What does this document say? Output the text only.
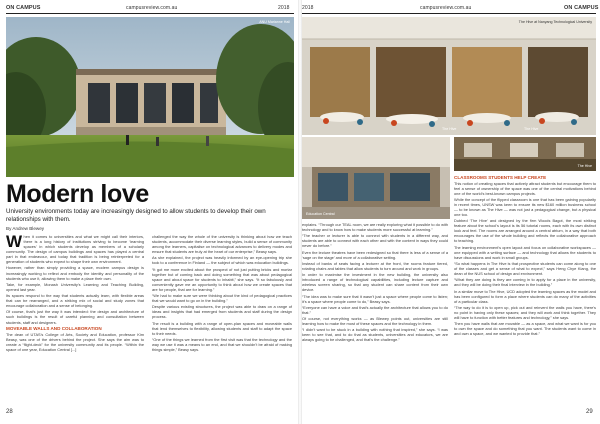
ON CAMPUS	campusreview.com.au	2018
ANU Marianne Hall
Modern love
University environments today are increasingly designed to allow students to develop their own relationships with them.
By Andrew Blewey

When it comes to universities and what we might call their interiors, there is a long history of institutions striving to become ‘learning spaces’ in which students develop as members of a scholarly community. The design of campus buildings and spaces has played a central part in that endeavour, and today that tradition is being reinterpreted for a generation of students who expect to shape their own environment.

However, rather than simply providing a space, modern campus design is increasingly working to reflect and embody the identity and personality of the students who use it, allowing them to make a place their own.

Take, for example, Monash University’s Learning and Teaching Building, opened last year.

Its spaces respond to the way that students actually learn, with flexible areas that can be rearranged, and a striking mix of social and study zones that encourage collaboration and a sense of belonging.

Of course, that’s just the way it was intended: the design and architecture of such buildings is the result of careful planning and consultation between students, staff and designers.

MOVEABLE WALLS AND COLLABORATION

The dean of UTAS’s College of Arts, Society and Education, professor Kim Beasy, was one of the drivers behind the project. She says the aim was to create a “flight-deck” for the university community and its people. “Within the space of one year, Education Central [...]

challenged the way the whole of the university is thinking about how we teach students, accommodate their diverse learning styles, build a sense of community among the learners, capitalise on technological advances to delivery modes and ensure that students are truly at the heart of our enterprise,” Beasy says.

As she explained, the project was heavily informed by an eye-opening trip she took to a conference in Finland — the subject of which was education buildings.

“It got me more excited about the prospect of not just putting bricks and mortar together but of coming back and doing something that was about pedagogical space and about space for students to inhabit,” she says. “It so fabulously and conveniently gave me an opportunity to think about how we create spaces that are for people, that are for learning.”

“We had to make sure we were thinking about the kind of pedagogical practices that we would want to go on in the building.”

Despite various existing structures, the project was able to draw on a range of ideas and insights that had emerged from students and staff during the design process.

The result is a building with a range of open-plan spaces and moveable walls that lend themselves to flexibility, allowing students and staff to adapt the space to their needs.

“One of the things we learned from the first visit was that the technology and the way we use it was a means to an end, and that we shouldn’t be afraid of making things simple,” Beasy says.

28
2018	campusreview.com.au	ON CAMPUS
The Hive at Nanyang Technological University
The Hive	The Hive
Education Central
The Hive

explains. “Through our TEAL room, we are really exploring what it possible to do with technology and to know how to make students more successful at learning.”

“The teacher or lecturer is able to connect with students in a different way, and students are able to connect with each other and with the content in ways they could never do before.”

Even the lecture theatres have been redesigned so that there is less of a sense of a ‘sage on the stage’ and more of a collaborative setting.

Instead of banks of seats facing a lecturer at the front, the rooms feature tiered, rotating chairs and tables that allow students to turn around and work in groups.

In order to maximise the investment in the new building, the university also introduced a range of technological capabilities, including lecture capture and wireless screen sharing, so that any student can share content from their own device.

“The idea was to make sure that it wasn’t just a space where people come to listen; it’s a space where people come to do,” Beasy says.

“Everyone can have a voice and that’s actually the architecture that allows you to do that.”

Of course, not everything works — as Blewey points out, universities are still learning how to make the most of these spaces and the technology in them.

“I didn’t want to be stuck in a building with nothing that inspired,” she says. “I was keen to see that, and to do that as students, universities and educators, we are always going to be challenged, and that’s the challenge.”

CLASSROOMS STUDENTS HELP CREATE

This notion of creating spaces that actively attract students but encourage them to feel a sense of ownership of the space was one of the central motivations behind one of the world’s best-known campus projects.

While the concept of the flipped classroom is one that has been gaining popularity in recent times, UNSW was keen to ensure its new $160 million business school — to be known as The Hive — was not just a pedagogical change, but a physical one too.

Dubbed ‘The Hive’ and designed by the firm Woods Bagot, the most striking feature about the school’s layout is its 56 tutorial rooms, each with its own distinct look and feel. The rooms are arranged around a central atrium, in a way that both encourages the use of the whole building and reflects the collaborative approach to teaching.

The learning environment’s open layout and focus on collaborative workspaces — one equipped with a writing surface — and technology that allows the students to have discussions and work in small groups.

“So what happens in The Hive is that prospective students can come along to one of the classes and get a sense of what to expect,” says Heng Chye Kiang, the dean of the NUS school of design and environment.

“What they are doing is they are coming in to apply for a place in the university, and they will be doing their final interview in the building.”

In a similar move to The Hive, UCD adopted the learning spaces as the model and has been configured to form a place where students can do many of the activities of a particular class.

“The way to do it is to open up, pick out and reinvent the walls you have, there’s no point in having only these spaces; and they will work and think together. They will have to function with better features and technology,” she says.

Then you have walls that are movable — as a space, and what we want is for you to own the space and do something that you want. The students want to come in and own a space, and we wanted to provide that.”

29
